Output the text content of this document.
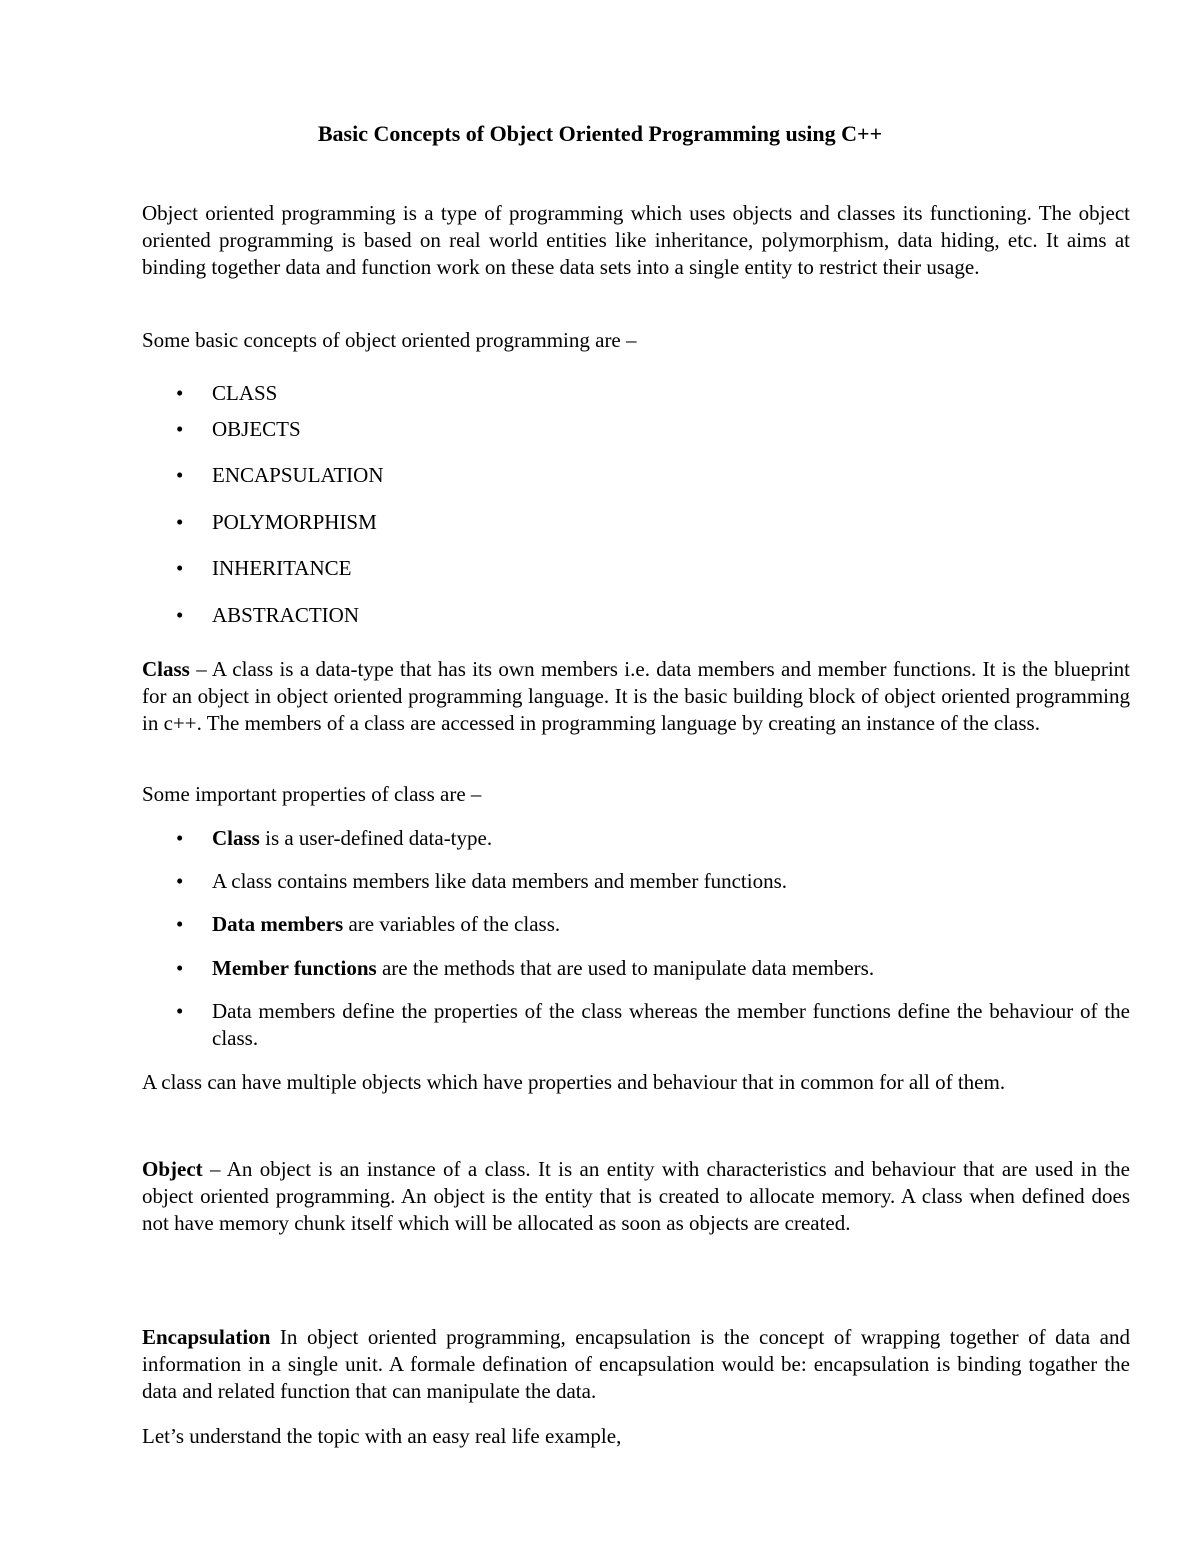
Basic Concepts of Object Oriented Programming using C++

Object oriented programming is a type of programming which uses objects and classes its functioning. The object oriented programming is based on real world entities like inheritance, polymorphism, data hiding, etc. It aims at binding together data and function work on these data sets into a single entity to restrict their usage.

Some basic concepts of object oriented programming are –

•	CLASS
•	OBJECTS
•	ENCAPSULATION
•	POLYMORPHISM
•	INHERITANCE
•	ABSTRACTION

Class – A class is a data-type that has its own members i.e. data members and member functions. It is the blueprint for an object in object oriented programming language. It is the basic building block of object oriented programming in c++. The members of a class are accessed in programming language by creating an instance of the class.

Some important properties of class are –

•	Class is a user-defined data-type.
•	A class contains members like data members and member functions.
•	Data members are variables of the class.
•	Member functions are the methods that are used to manipulate data members.
•	Data members define the properties of the class whereas the member functions define the behaviour of the class.

A class can have multiple objects which have properties and behaviour that in common for all of them.

Object – An object is an instance of a class. It is an entity with characteristics and behaviour that are used in the object oriented programming. An object is the entity that is created to allocate memory. A class when defined does not have memory chunk itself which will be allocated as soon as objects are created.

Encapsulation In object oriented programming, encapsulation is the concept of wrapping together of data and information in a single unit. A formale defination of encapsulation would be: encapsulation is binding togather the data and related function that can manipulate the data.

Let’s understand the topic with an easy real life example,
